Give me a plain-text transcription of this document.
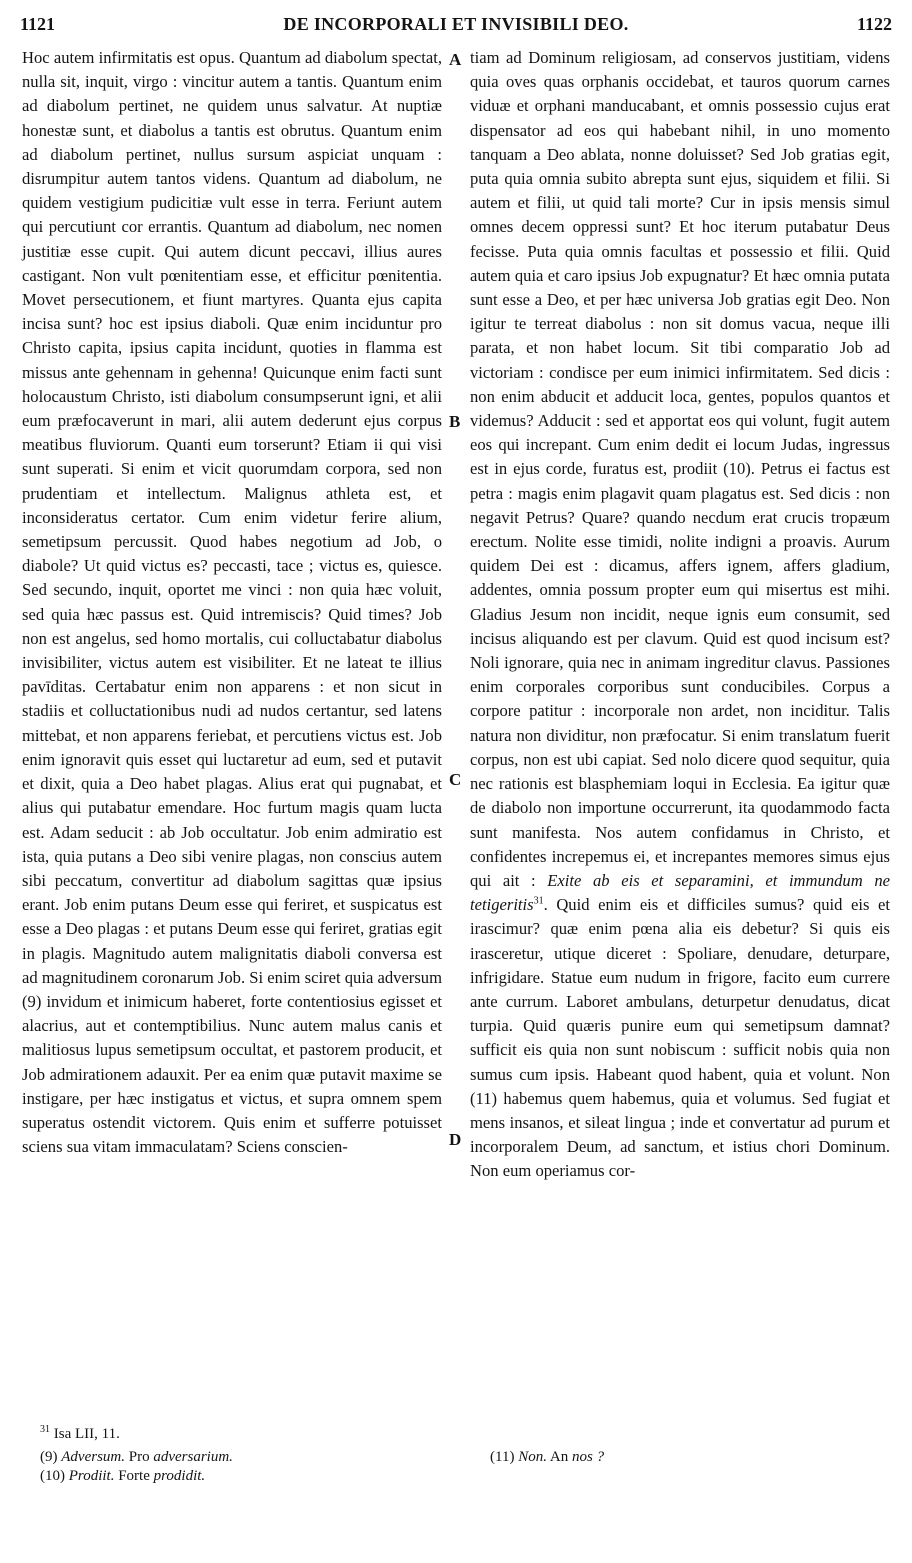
1121	DE INCORPORALI ET INVISIBILI DEO.	1122

Hoc autem infirmitatis est opus. Quantum ad diabolum spectat, nulla sit, inquit, virgo : vincitur autem a tantis. Quantum enim ad diabolum pertinet, ne quidem unus salvatur. At nuptiæ honestæ sunt, et diabolus a tantis est obrutus. Quantum enim ad diabolum pertinet, nullus sursum aspiciat unquam : disrumpitur autem tantos videns. Quantum ad diabolum, ne quidem vestigium pudicitiæ vult esse in terra. Feriunt autem qui percutiunt cor errantis. Quantum ad diabolum, nec nomen justitiæ esse cupit. Qui autem dicunt peccavi, illius aures castigant. Non vult pœnitentiam esse, et efficitur pœnitentia. Movet persecutionem, et fiunt martyres. Quanta ejus capita incisa sunt? hoc est ipsius diaboli. Quæ enim inciduntur pro Christo capita, ipsius capita incidunt, quoties in flamma est missus ante gehennam in gehenna! Quicunque enim facti sunt holocaustum Christo, isti diabolum consumpserunt igni, et alii eum præfocaverunt in mari, alii autem dederunt ejus corpus meatibus fluviorum. Quanti eum torserunt? Etiam ii qui visi sunt superati. Si enim et vicit quorumdam corpora, sed non prudentiam et intellectum. Malignus athleta est, et inconsideratus certator. Cum enim videtur ferire alium, semetipsum percussit. Quod habes negotium ad Job, o diabole? Ut quid victus es? peccasti, tace ; victus es, quiesce. Sed secundo, inquit, oportet me vinci : non quia hæc voluit, sed quia hæc passus est. Quid intremiscis? Quid times? Job non est angelus, sed homo mortalis, cui colluctabatur diabolus invisibiliter, victus autem est visibiliter. Et ne lateat te illius pavīditas. Certabatur enim non apparens : et non sicut in stadiis et colluctationibus nudi ad nudos certantur, sed latens mittebat, et non apparens feriebat, et percutiens victus est. Job enim ignoravit quis esset qui luctaretur ad eum, sed et putavit et dixit, quia a Deo habet plagas. Alius erat qui pugnabat, et alius qui putabatur emendare. Hoc furtum magis quam lucta est. Adam seducit : ab Job occultatur. Job enim admiratio est ista, quia putans a Deo sibi venire plagas, non conscius autem sibi peccatum, convertitur ad diabolum sagittas quæ ipsius erant. Job enim putans Deum esse qui feriret, et suspicatus est esse a Deo plagas : et putans Deum esse qui feriret, gratias egit in plagis. Magnitudo autem malignitatis diaboli conversa est ad magnitudinem coronarum Job. Si enim sciret quia adversum (9) invidum et inimicum haberet, forte contentiosius egisset et alacrius, aut et contemptibilius. Nunc autem malus canis et malitiosus lupus semetipsum occultat, et pastorem producit, et Job admirationem adauxit. Per ea enim quæ putavit maxime se instigare, per hæc instigatus et victus, et supra omnem spem superatus ostendit victorem. Quis enim et sufferre potuisset sciens sua vitam immaculatam? Sciens conscien-

A
B
C
D

tiam ad Dominum religiosam, ad conservos justitiam, videns quia oves quas orphanis occidebat, et tauros quorum carnes viduæ et orphani manducabant, et omnis possessio cujus erat dispensator ad eos qui habebant nihil, in uno momento tanquam a Deo ablata, nonne doluisset? Sed Job gratias egit, puta quia omnia subito abrepta sunt ejus, siquidem et filii. Si autem et filii, ut quid tali morte? Cur in ipsis mensis simul omnes decem oppressi sunt? Et hoc iterum putabatur Deus fecisse. Puta quia omnis facultas et possessio et filii. Quid autem quia et caro ipsius Job expugnatur? Et hæc omnia putata sunt esse a Deo, et per hæc universa Job gratias egit Deo. Non igitur te terreat diabolus : non sit domus vacua, neque illi parata, et non habet locum. Sit tibi comparatio Job ad victoriam : condisce per eum inimici infirmitatem. Sed dicis : non enim abducit et adducit loca, gentes, populos quantos et videmus? Adducit : sed et apportat eos qui volunt, fugit autem eos qui increpant. Cum enim dedit ei locum Judas, ingressus est in ejus corde, furatus est, prodiit (10). Petrus ei factus est petra : magis enim plagavit quam plagatus est. Sed dicis : non negavit Petrus? Quare? quando necdum erat crucis tropæum erectum. Nolite esse timidi, nolite indigni a proavis. Aurum quidem Dei est : dicamus, affers ignem, affers gladium, addentes, omnia possum propter eum qui misertus est mihi. Gladius Jesum non incidit, neque ignis eum consumit, sed incisus aliquando est per clavum. Quid est quod incisum est? Noli ignorare, quia nec in animam ingreditur clavus. Passiones enim corporales corporibus sunt conducibiles. Corpus a corpore patitur : incorporale non ardet, non inciditur. Talis natura non dividitur, non præfocatur. Si enim translatum fuerit corpus, non est ubi capiat. Sed nolo dicere quod sequitur, quia nec rationis est blasphemiam loqui in Ecclesia. Ea igitur quæ de diabolo non importune occurrerunt, ita quodammodo facta sunt manifesta. Nos autem confidamus in Christo, et confidentes increpemus ei, et increpantes memores simus ejus qui ait : Exite ab eis et separamini, et immundum ne tetigeritis$^{31}$. Quid enim eis et difficiles sumus? quid eis et irascimur? quæ enim pœna alia eis debetur? Si quis eis irasceretur, utique diceret : Spoliare, denudare, deturpare, infrigidare. Statue eum nudum in frigore, facito eum currere ante currum. Laboret ambulans, deturpetur denudatus, dicat turpia. Quid quæris punire eum qui semetipsum damnat? sufficit eis quia non sunt nobiscum : sufficit nobis quia non sumus cum ipsis. Habeant quod habent, quia et volunt. Non (11) habemus quem habemus, quia et volumus. Sed fugiat et mens insanos, et sileat lingua ; inde et convertatur ad purum et incorporalem Deum, ad sanctum, et istius chori Dominum. Non eum operiamus cor-

$^{31}$ Isa LII, 11.
(9) Adversum. Pro adversarium.
(10) Prodiit. Forte prodidit.
(11) Non. An nos ?
